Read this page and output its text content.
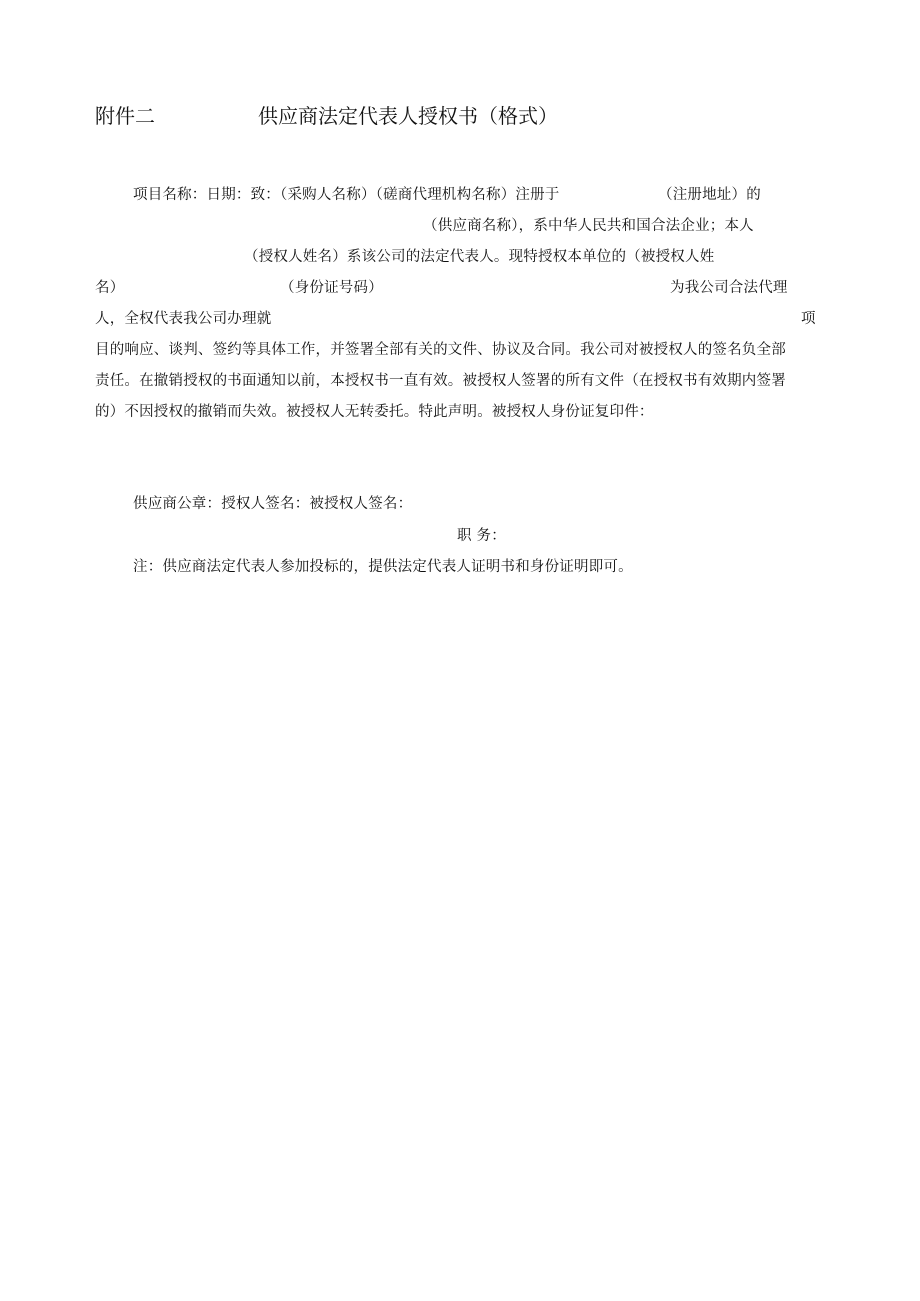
附件二	供应商法定代表人授权书（格式）
项目名称：日期：致：（采购人名称）（磋商代理机构名称）注册于	（注册地址）的
（供应商名称），系中华人民共和国合法企业；本人
（授权人姓名）系该公司的法定代表人。现特授权本单位的（被授权人姓
名）	（身份证号码）	为我公司合法代理
人，全权代表我公司办理就	项
目的响应、谈判、签约等具体工作，并签署全部有关的文件、协议及合同。我公司对被授权人的签名负全部
责任。在撤销授权的书面通知以前，本授权书一直有效。被授权人签署的所有文件（在授权书有效期内签署
的）不因授权的撤销而失效。被授权人无转委托。特此声明。被授权人身份证复印件：
供应商公章：授权人签名：被授权人签名：
职 务：
注：供应商法定代表人参加投标的，提供法定代表人证明书和身份证明即可。
